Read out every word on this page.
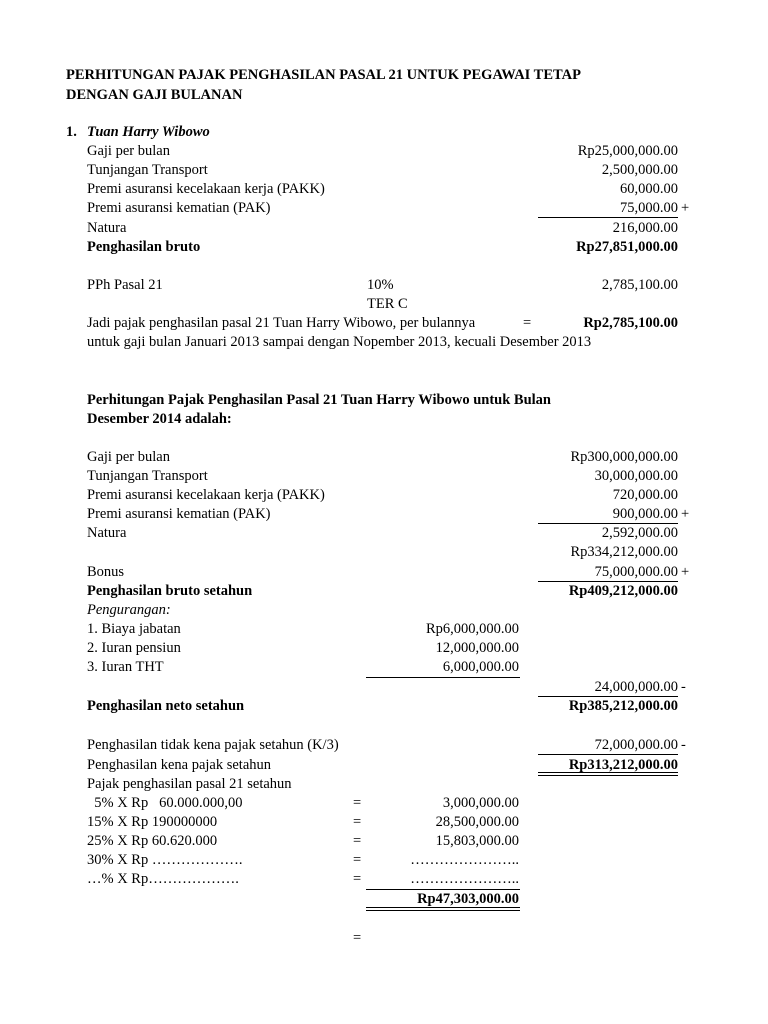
PERHITUNGAN PAJAK PENGHASILAN PASAL 21 UNTUK PEGAWAI TETAP
DENGAN GAJI BULANAN
1. Tuan Harry Wibowo
Gaji per bulan	Rp25,000,000.00
Tunjangan Transport	2,500,000.00
Premi asuransi kecelakaan kerja (PAKK)	60,000.00
Premi asuransi kematian (PAK)	75,000.00 +
Natura	216,000.00
Penghasilan bruto	Rp27,851,000.00
PPh Pasal 21	10%	2,785,100.00
TER C
Jadi pajak penghasilan pasal 21 Tuan Harry Wibowo, per bulannya	=	Rp2,785,100.00
untuk gaji bulan Januari 2013 sampai dengan Nopember 2013, kecuali Desember 2013
Perhitungan Pajak Penghasilan Pasal 21 Tuan Harry Wibowo untuk Bulan
Desember 2014 adalah:
Gaji per bulan	Rp300,000,000.00
Tunjangan Transport	30,000,000.00
Premi asuransi kecelakaan kerja (PAKK)	720,000.00
Premi asuransi kematian (PAK)	900,000.00 +
Natura	2,592,000.00
Rp334,212,000.00
Bonus	75,000,000.00 +
Penghasilan bruto setahun	Rp409,212,000.00
Pengurangan:
1. Biaya jabatan	Rp6,000,000.00
2. Iuran pensiun	12,000,000.00
3. Iuran THT	6,000,000.00
24,000,000.00 -
Penghasilan neto setahun	Rp385,212,000.00
Penghasilan tidak kena pajak setahun (K/3)	72,000,000.00 -
Penghasilan kena pajak setahun	Rp313,212,000.00
Pajak penghasilan pasal 21 setahun
5% X Rp   60.000.000,00	=	3,000,000.00
15% X Rp 190000000	=	28,500,000.00
25% X Rp 60.620.000	=	15,803,000.00
30% X Rp ……………….	=	…………………..
…% X Rp……………….	=	…………………..
Rp47,303,000.00
=
